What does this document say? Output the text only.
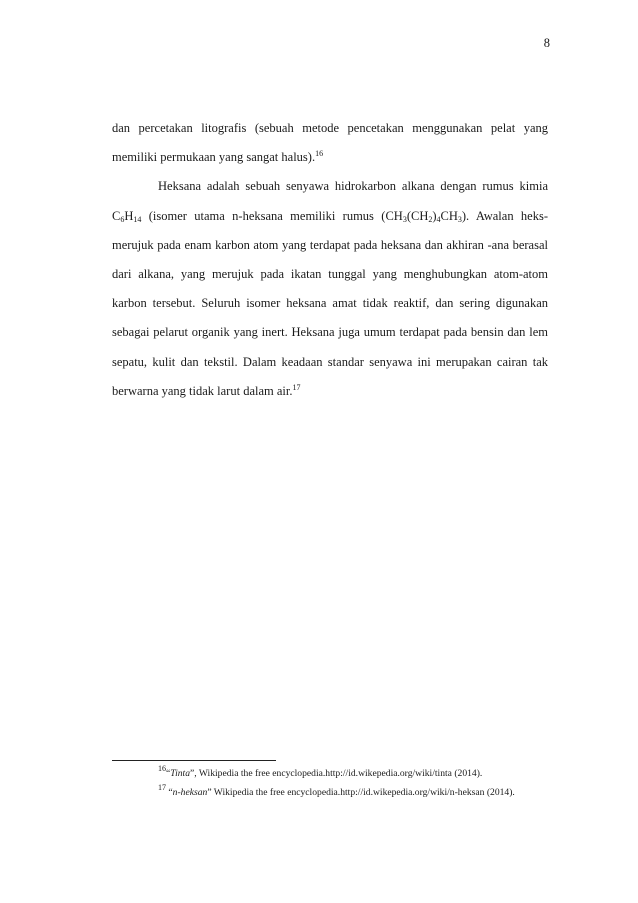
8

dan percetakan litografis (sebuah metode pencetakan menggunakan pelat yang memiliki permukaan yang sangat halus).$^{16}$

Heksana adalah sebuah senyawa hidrokarbon alkana dengan rumus kimia $C_6H_{14}$ (isomer utama n-heksana memiliki rumus $(CH_3(CH_2)_4CH_3)$. Awalan heks- merujuk pada enam karbon atom yang terdapat pada heksana dan akhiran -ana berasal dari alkana, yang merujuk pada ikatan tunggal yang menghubungkan atom-atom karbon tersebut. Seluruh isomer heksana amat tidak reaktif, dan sering digunakan sebagai pelarut organik yang inert. Heksana juga umum terdapat pada bensin dan lem sepatu, kulit dan tekstil. Dalam keadaan standar senyawa ini merupakan cairan tak berwarna yang tidak larut dalam air.$^{17}$

$^{16}$“Tinta”, Wikipedia the free encyclopedia.http://id.wikepedia.org/wiki/tinta (2014).

$^{17}$ “n-heksan” Wikipedia the free encyclopedia.http://id.wikepedia.org/wiki/n-heksan (2014).
